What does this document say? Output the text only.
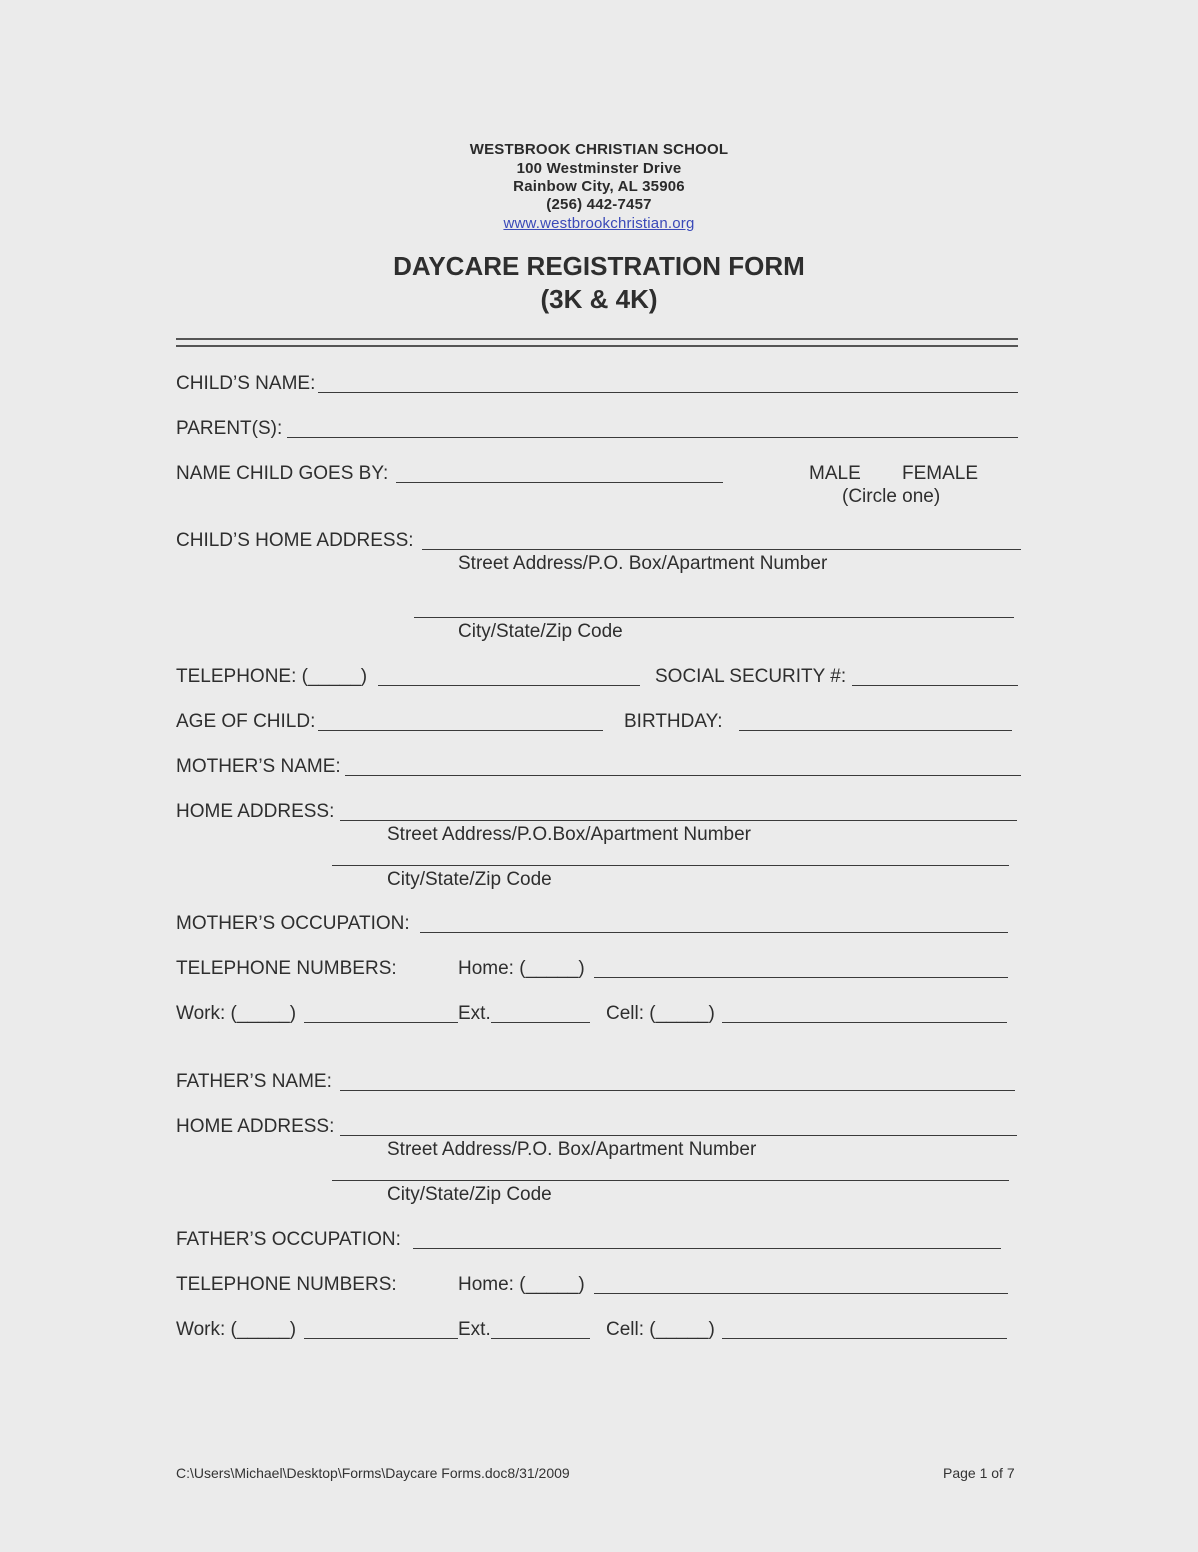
WESTBROOK CHRISTIAN SCHOOL
100 Westminster Drive
Rainbow City, AL 35906
(256) 442-7457
www.westbrookchristian.org
DAYCARE REGISTRATION FORM
(3K & 4K)
CHILD’S NAME:
PARENT(S):
NAME CHILD GOES BY:	MALE FEMALE
(Circle one)
CHILD’S HOME ADDRESS:
Street Address/P.O. Box/Apartment Number
City/State/Zip Code
TELEPHONE: (_____)	SOCIAL SECURITY #:
AGE OF CHILD:	BIRTHDAY:
MOTHER’S NAME:
HOME ADDRESS:
Street Address/P.O.Box/Apartment Number
City/State/Zip Code
MOTHER’S OCCUPATION:
TELEPHONE NUMBERS:	Home: (_____)
Work: (_____)	Ext.	Cell: (_____)
FATHER’S NAME:
HOME ADDRESS:
Street Address/P.O. Box/Apartment Number
City/State/Zip Code
FATHER’S OCCUPATION:
TELEPHONE NUMBERS:	Home: (_____)
Work: (_____)	Ext.	Cell: (_____)
C:\Users\Michael\Desktop\Forms\Daycare Forms.doc8/31/2009	Page 1 of 7
